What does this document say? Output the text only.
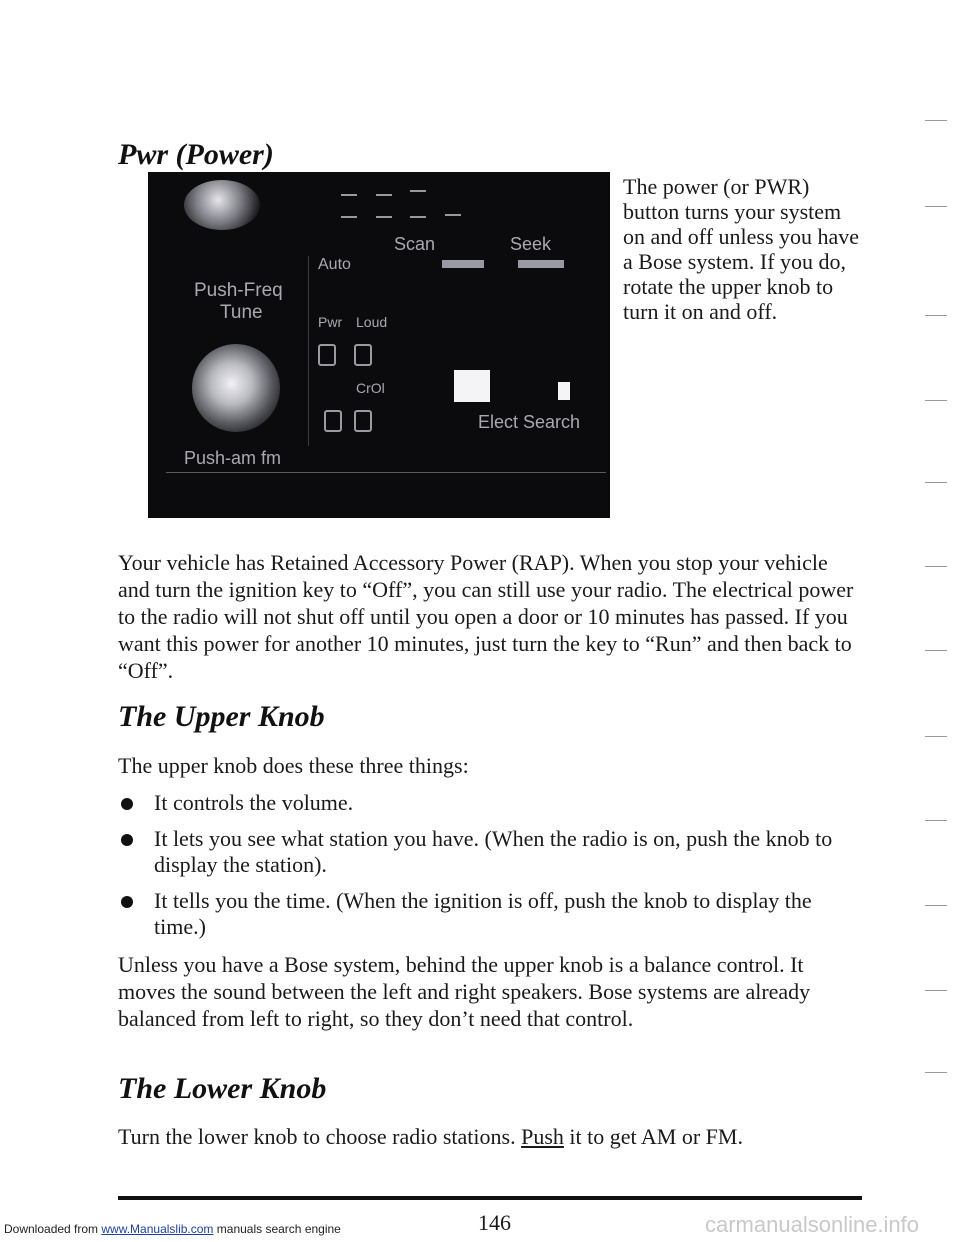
Pwr (Power)
Push-Freq
Tune
Push-am fm
Auto
Scan	Seek
Pwr Loud
CrOl
Elect Search

The power (or PWR) button turns your system on and off unless you have a Bose system. If you do, rotate the upper knob to turn it on and off.

Your vehicle has Retained Accessory Power (RAP). When you stop your vehicle and turn the ignition key to “Off”, you can still use your radio. The electrical power to the radio will not shut off until you open a door or 10 minutes has passed. If you want this power for another 10 minutes, just turn the key to “Run” and then back to “Off”.

The Upper Knob

The upper knob does these three things:

It controls the volume.
It lets you see what station you have. (When the radio is on, push the knob to display the station).
It tells you the time. (When the ignition is off, push the knob to display the time.)

Unless you have a Bose system, behind the upper knob is a balance control. It moves the sound between the left and right speakers. Bose systems are already balanced from left to right, so they don’t need that control.

The Lower Knob

Turn the lower knob to choose radio stations. Push it to get AM or FM.

146
Downloaded from www.Manualslib.com manuals search engine	carmanualsonline.info
